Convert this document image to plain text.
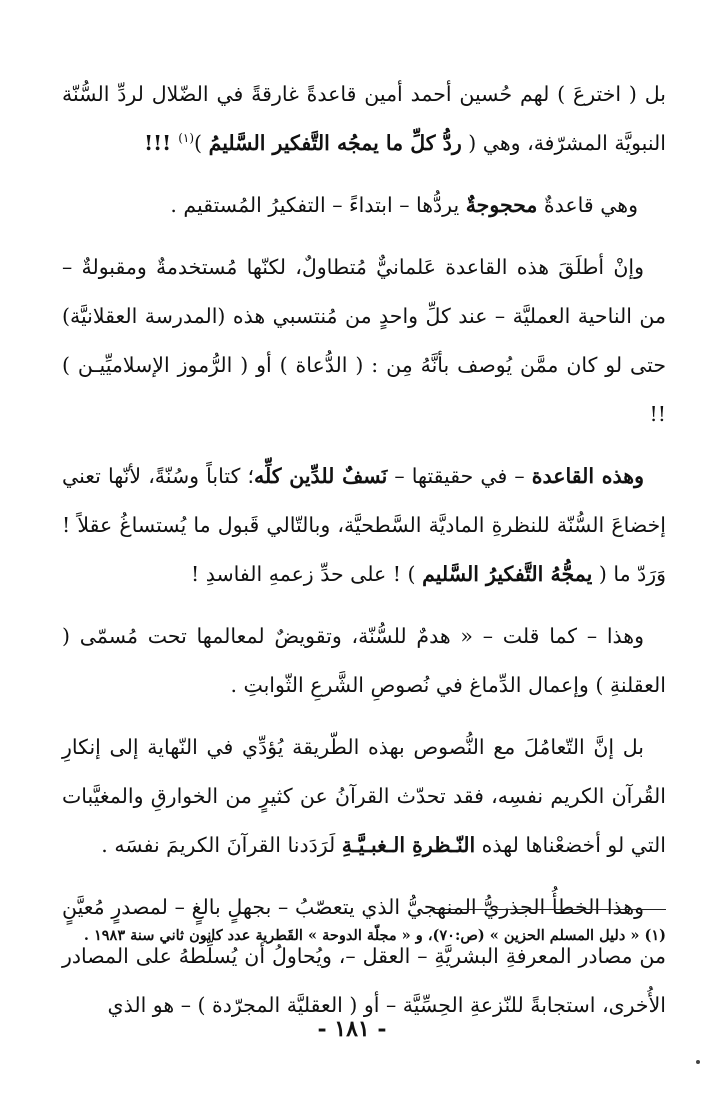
بل ( اخترعَ ) لهم حُسين أحمد أمين قاعدةً غارقةً في الضّلال لردِّ السُّنّة النبويَّة المشرّفة، وهي ( ردُّ كلِّ ما يمجُه التَّفكير السَّليمُ )$^{(١)}$ !!!

وهي قاعدةٌ محجوجةٌ يردُّها – ابتداءً – التفكيرُ المُستقيم .

وإنْ أطلَقَ هذه القاعدة عَلمانيٌّ مُتطاولٌ، لكنّها مُستخدمةٌ ومقبولةٌ – من الناحية العمليَّة – عند كلِّ واحدٍ من مُنتسبي هذه (المدرسة العقلانيَّة) حتى لو كان ممَّن يُوصف بأنَّهُ مِن : ( الدُّعاة ) أو ( الرُّموز الإسلاميِّيـن ) !!

وهذه القاعدة – في حقيقتها – نَسفٌ للدِّين كلِّه؛ كتاباً وسُنّةً، لأنّها تعني إخضاعَ السُّنّة للنظرةِ الماديَّة السَّطحيَّة، وبالتّالي قَبول ما يُستساغُ عقلاً ! وَرَدّ ما ( يمجُّهُ التَّفكيرُ السَّليم ) ! على حدِّ زعمهِ الفاسدِ !

وهذا – كما قلت – « هدمٌ للسُّنّة، وتقويضٌ لمعالمها تحت مُسمّى ( العقلنةِ ) وإعمال الدِّماغ في نُصوصِ الشَّرعِ الثّوابتِ .

بل إنَّ التّعامُلَ مع النُّصوص بهذه الطّريقة يُؤدِّي في النّهاية إلى إنكارِ القُرآن الكريم نفسِه، فقد تحدّث القرآنُ عن كثيرٍ من الخوارقِ والمغيَّبات التي لو أخضعْناها لهذه النّـظرةِ الـغبـيَّـةِ لَرَدَدنا القرآنَ الكريمَ نفسَه .

وهذا الخطأُ الجذريُّ المنهجيُّ الذي يتعصّبُ – بجهلٍ بالغٍ – لمصدرٍ مُعيَّنٍ من مصادر المعرفةِ البشريَّةِ – العقل –، ويُحاولُ أن يُسلِّطهُ على المصادر الأُخرى، استجابةً للنّزعةِ الحِسِّيَّة – أو ( العقليَّة المجرّدة ) – هو الذي

(١) « دليل المسلم الحزين » (ص:٧٠)، و « مجلّة الدوحة » القَطرية عدد كانون ثاني سنة ١٩٨٣ .
- ١٨١ -
